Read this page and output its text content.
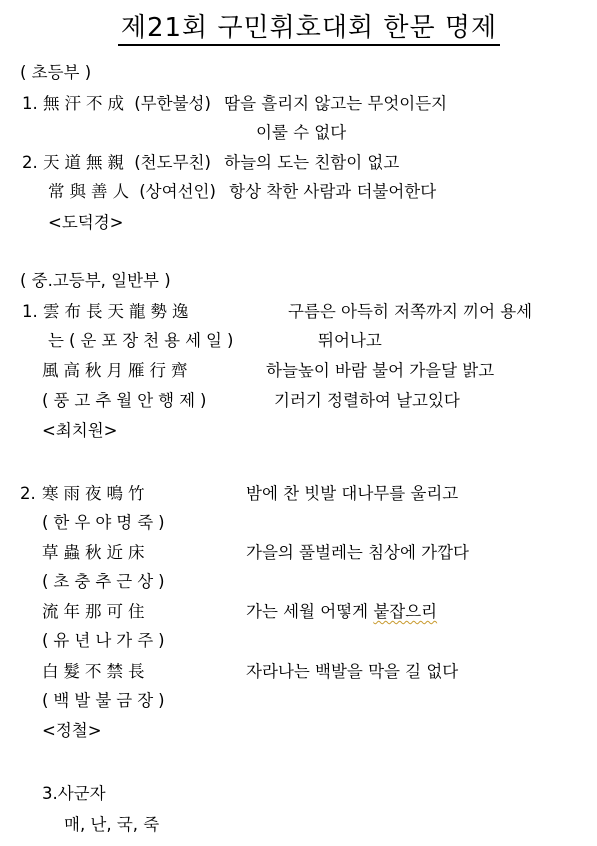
제21회 구민휘호대회 한문 명제
( 초등부 )
1. 無汗不成 (무한불성) 땀을 흘리지 않고는 무엇이든지
이룰 수 없다
2. 天道無親 (천도무친) 하늘의 도는 친함이 없고
常與善人 (상여선인) 항상 착한 사람과 더불어한다
<도덕경>
( 중.고등부, 일반부 )
1. 雲布長天龍勢逸	구름은 아득히 저쪽까지 끼어 용세
는(운포장천용세일)	뛰어나고
風高秋月雁行齊	하늘높이 바람 불어 가을달 밝고
(풍고추월안행제)	기러기 정렬하여 날고있다
<최치원>
2. 寒雨夜鳴竹	밤에 찬 빗발 대나무를 울리고
(한우야명죽)
草蟲秋近床	가을의 풀벌레는 침상에 가깝다
(초충추근상)
流年那可住	가는 세월 어떻게 붙잡으리
(유년나가주)
白髮不禁長	자라나는 백발을 막을 길 없다
(백발불금장)
<정철>
3.사군자
매, 난, 국, 죽
